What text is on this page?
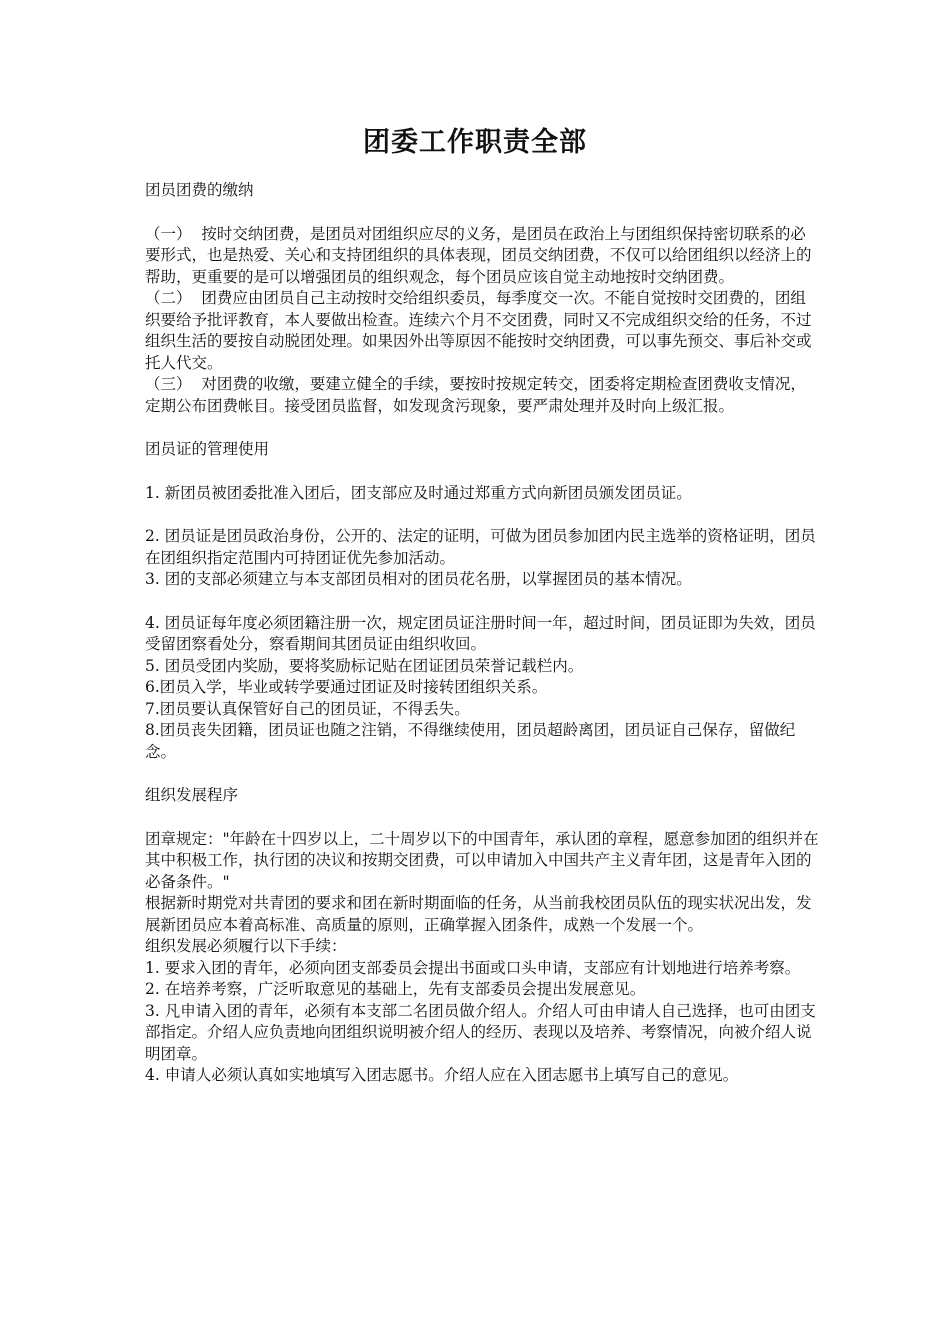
团委工作职责全部

团员团费的缴纳

（一）  按时交纳团费，是团员对团组织应尽的义务，是团员在政治上与团组织保持密切联系的必要形式，也是热爱、关心和支持团组织的具体表现，团员交纳团费，不仅可以给团组织以经济上的帮助，更重要的是可以增强团员的组织观念，每个团员应该自觉主动地按时交纳团费。

（二）  团费应由团员自己主动按时交给组织委员，每季度交一次。不能自觉按时交团费的，团组织要给予批评教育，本人要做出检查。连续六个月不交团费，同时又不完成组织交给的任务，不过组织生活的要按自动脱团处理。如果因外出等原因不能按时交纳团费，可以事先预交、事后补交或托人代交。

（三）  对团费的收缴，要建立健全的手续，要按时按规定转交，团委将定期检查团费收支情况，定期公布团费帐目。接受团员监督，如发现贪污现象，要严肃处理并及时向上级汇报。

团员证的管理使用

1. 新团员被团委批准入团后，团支部应及时通过郑重方式向新团员颁发团员证。

2. 团员证是团员政治身份，公开的、法定的证明，可做为团员参加团内民主选举的资格证明，团员在团组织指定范围内可持团证优先参加活动。

3. 团的支部必须建立与本支部团员相对的团员花名册，以掌握团员的基本情况。

4. 团员证每年度必须团籍注册一次，规定团员证注册时间一年，超过时间，团员证即为失效，团员受留团察看处分，察看期间其团员证由组织收回。

5. 团员受团内奖励，要将奖励标记贴在团证团员荣誉记载栏内。

6.团员入学，毕业或转学要通过团证及时接转团组织关系。

7.团员要认真保管好自己的团员证，不得丢失。

8.团员丧失团籍，团员证也随之注销，不得继续使用，团员超龄离团，团员证自己保存，留做纪念。

组织发展程序

团章规定："年龄在十四岁以上，二十周岁以下的中国青年，承认团的章程，愿意参加团的组织并在其中积极工作，执行团的决议和按期交团费，可以申请加入中国共产主义青年团，这是青年入团的必备条件。"

根据新时期党对共青团的要求和团在新时期面临的任务，从当前我校团员队伍的现实状况出发，发展新团员应本着高标准、高质量的原则，正确掌握入团条件，成熟一个发展一个。

组织发展必须履行以下手续：

1. 要求入团的青年，必须向团支部委员会提出书面或口头申请，支部应有计划地进行培养考察。

2. 在培养考察，广泛听取意见的基础上，先有支部委员会提出发展意见。

3. 凡申请入团的青年，必须有本支部二名团员做介绍人。介绍人可由申请人自己选择，也可由团支部指定。介绍人应负责地向团组织说明被介绍人的经历、表现以及培养、考察情况，向被介绍人说明团章。

4. 申请人必须认真如实地填写入团志愿书。介绍人应在入团志愿书上填写自己的意见。
